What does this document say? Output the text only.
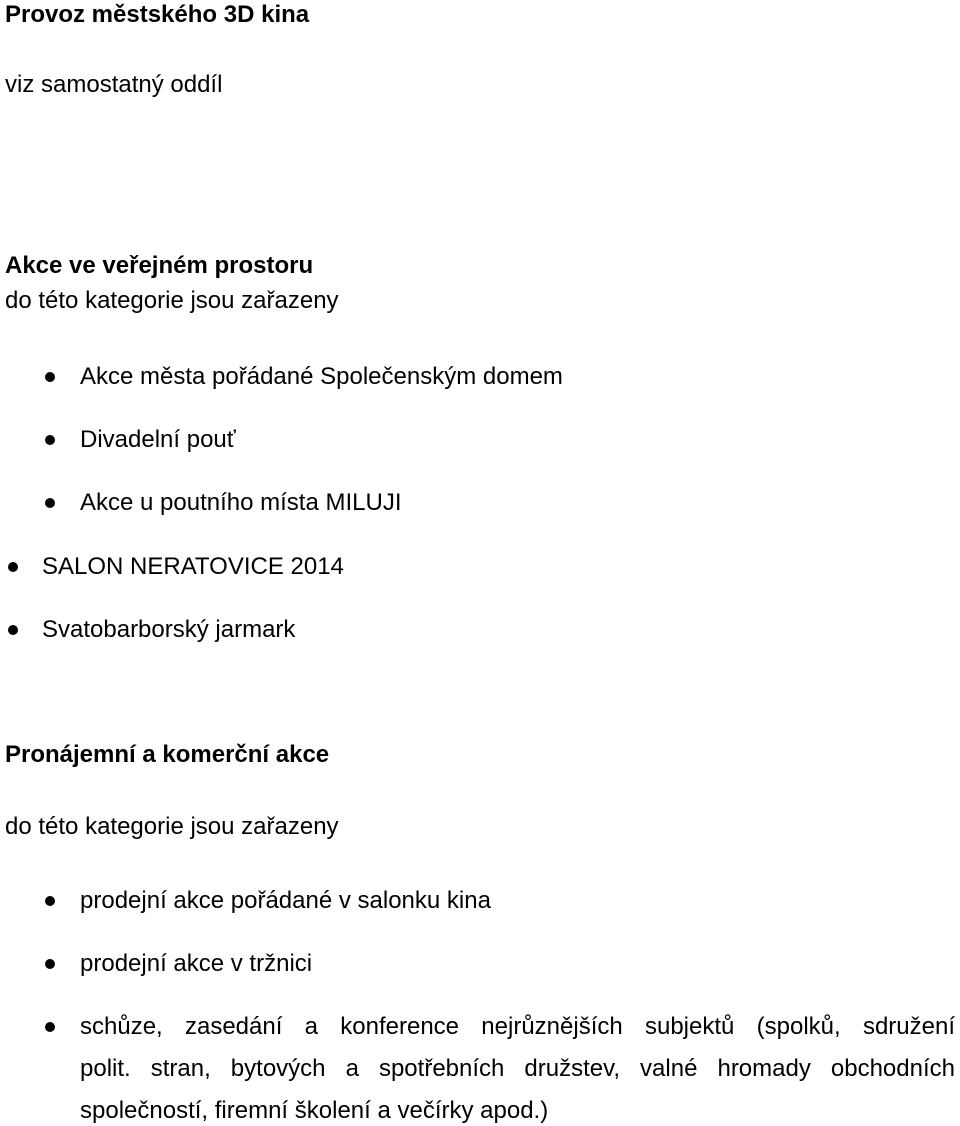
Provoz městského 3D kina
viz samostatný oddíl
Akce ve veřejném prostoru
do této kategorie jsou zařazeny
Akce města pořádané Společenským domem
Divadelní pouť
Akce u poutního místa MILUJI
SALON NERATOVICE 2014
Svatobarborský jarmark
Pronájemní a komerční akce
do této kategorie jsou zařazeny
prodejní akce pořádané v salonku kina
prodejní akce v tržnici
schůze, zasedání a konference nejrůznějších subjektů (spolků, sdružení
polit. stran, bytových a spotřebních družstev, valné hromady obchodních
společností, firemní školení a večírky apod.)
